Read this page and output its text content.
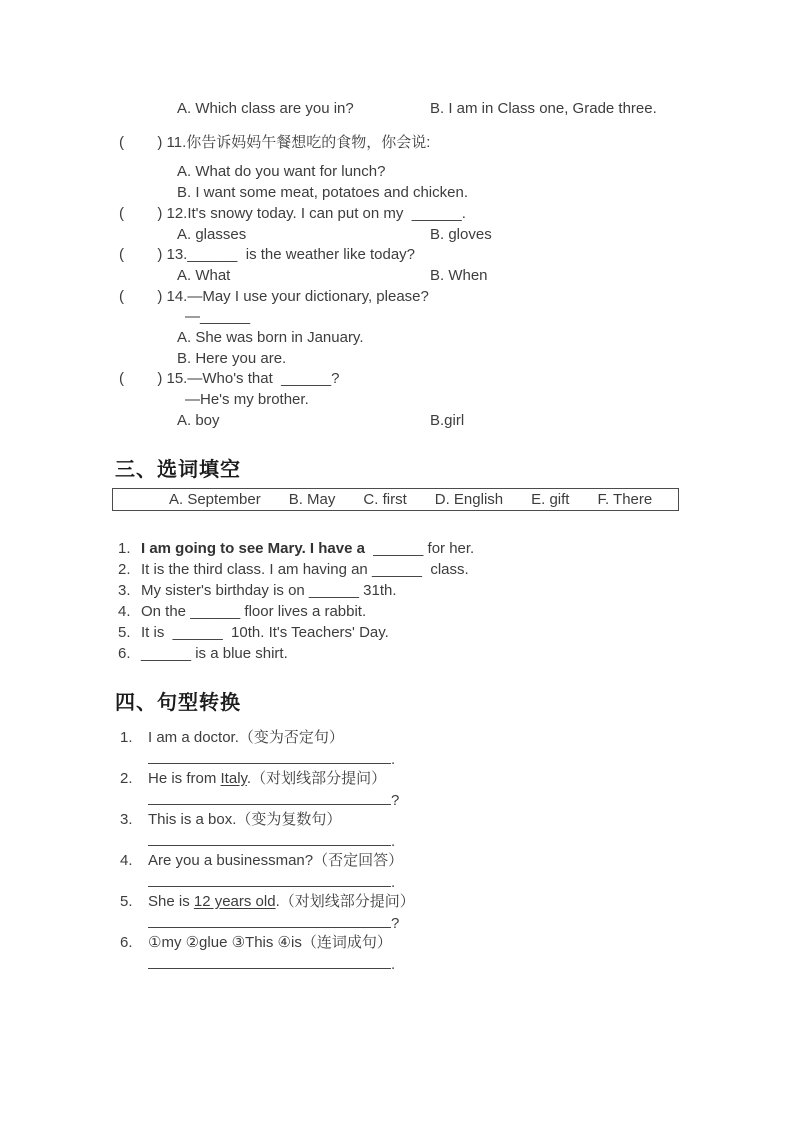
A. Which class are you in?	B. I am in Class one, Grade three.
(        ) 11.你告诉妈妈午餐想吃的食物，你会说:
A. What do you want for lunch?
B. I want some meat, potatoes and chicken.
(        ) 12.It's snowy today. I can put on my  ______.
A. glasses	B. gloves
(        ) 13.______  is the weather like today?
A. What	B. When
(        ) 14.—May I use your dictionary, please?
—______
A. She was born in January.
B. Here you are.
(        ) 15.—Who's that  ______?
—He's my brother.
A. boy	B.girl
三、选词填空
A. September B. May C. first D. English E. gift F. There
1. I am going to see Mary. I have a  ______ for her.
2. It is the third class. I am having an ______  class.
3. My sister's birthday is on ______ 31th.
4. On the ______ floor lives a rabbit.
5. It is  ______  10th. It's Teachers' Day.
6. ______ is a blue shirt.
四、句型转换
1. I am a doctor.（变为否定句）
.
2. He is from Italy.（对划线部分提问）
?
3. This is a box.（变为复数句）
.
4. Are you a businessman?（否定回答）
.
5. She is 12 years old.（对划线部分提问）
?
6. ①my ②glue ③This ④is（连词成句）
.
